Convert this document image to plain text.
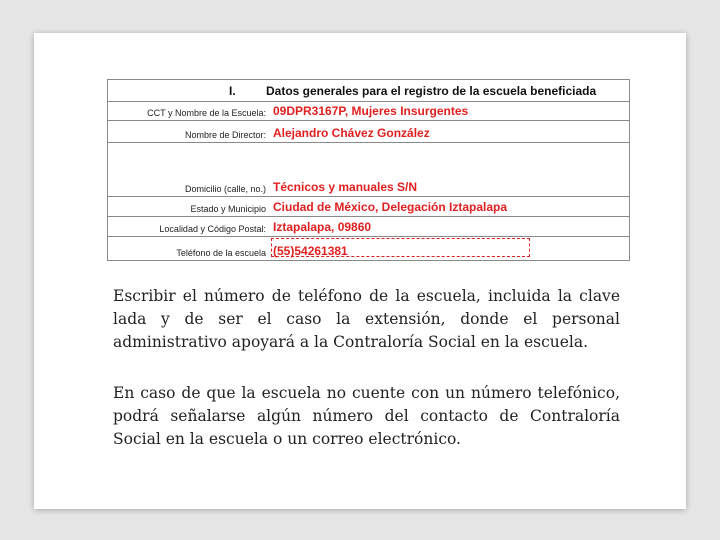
I.	Datos generales para el registro de la escuela beneficiada
CCT y Nombre de la Escuela: 09DPR3167P, Mujeres Insurgentes
Nombre de Director: Alejandro Chávez González
Domicilio (calle, no.) Técnicos y manuales S/N
Estado y Municipio Ciudad de México, Delegación Iztapalapa
Localidad y Código Postal: Iztapalapa, 09860
Teléfono de la escuela (55)54261381

Escribir el número de teléfono de la escuela, incluida la clave lada y de ser el caso la extensión, donde el personal administrativo apoyará a la Contraloría Social en la escuela.

En caso de que la escuela no cuente con un número telefónico, podrá señalarse algún número del contacto de Contraloría Social en la escuela o un correo electrónico.
